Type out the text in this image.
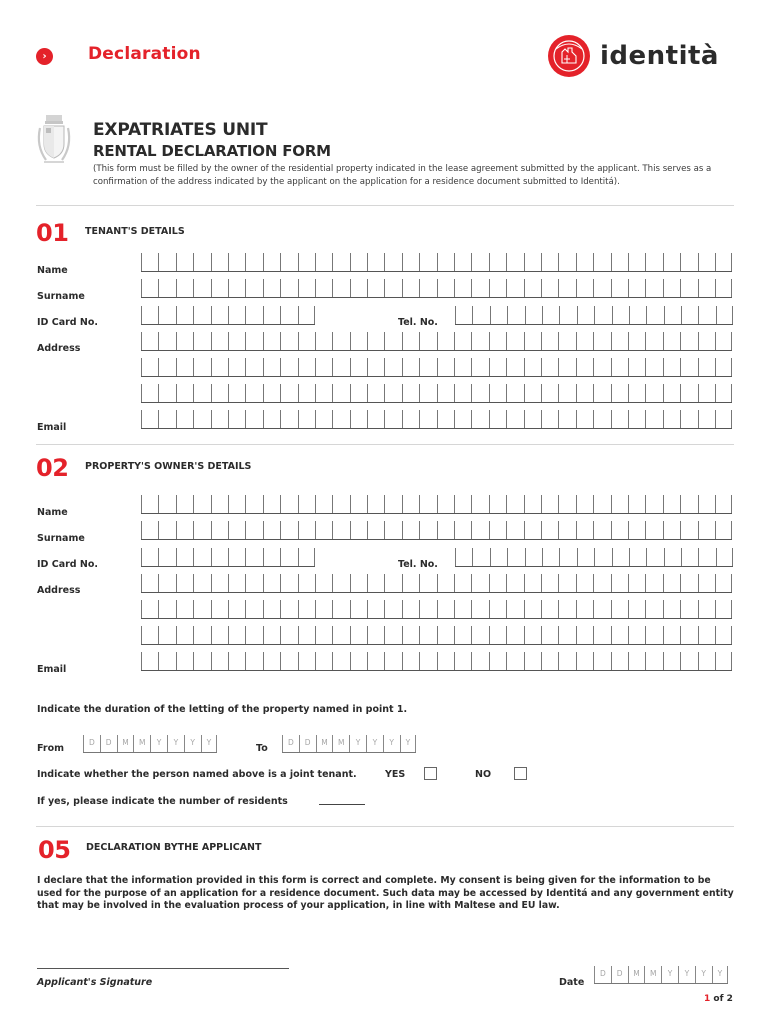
›	Declaration	identità
EXPATRIATES UNIT
RENTAL DECLARATION FORM
(This form must be filled by the owner of the residential property indicated in the lease agreement submitted by the applicant. This serves as a confirmation of the address indicated by the applicant on the application for a residence document submitted to Identitá).
01 TENANT'S DETAILS
Name
Surname
ID Card No.	Tel. No.
Address
Email
02 PROPERTY'S OWNER'S DETAILS
Name
Surname
ID Card No.	Tel. No.
Address
Email
Indicate the duration of the letting of the property named in point 1.
From
D	D	M	M	Y	Y	Y	Y
To
D	D	M	M	Y	Y	Y	Y
Indicate whether the person named above is a joint tenant.	YES	NO
If yes, please indicate the number of residents
05 DECLARATION BYTHE APPLICANT
I declare that the information provided in this form is correct and complete. My consent is being given for the information to be used for the purpose of an application for a residence document. Such data may be accessed by Identitá and any government entity that may be involved in the evaluation process of your application, in line with Maltese and EU law.
Applicant's Signature	Date
D	D	M	M	Y	Y	Y	Y
1 of 2
